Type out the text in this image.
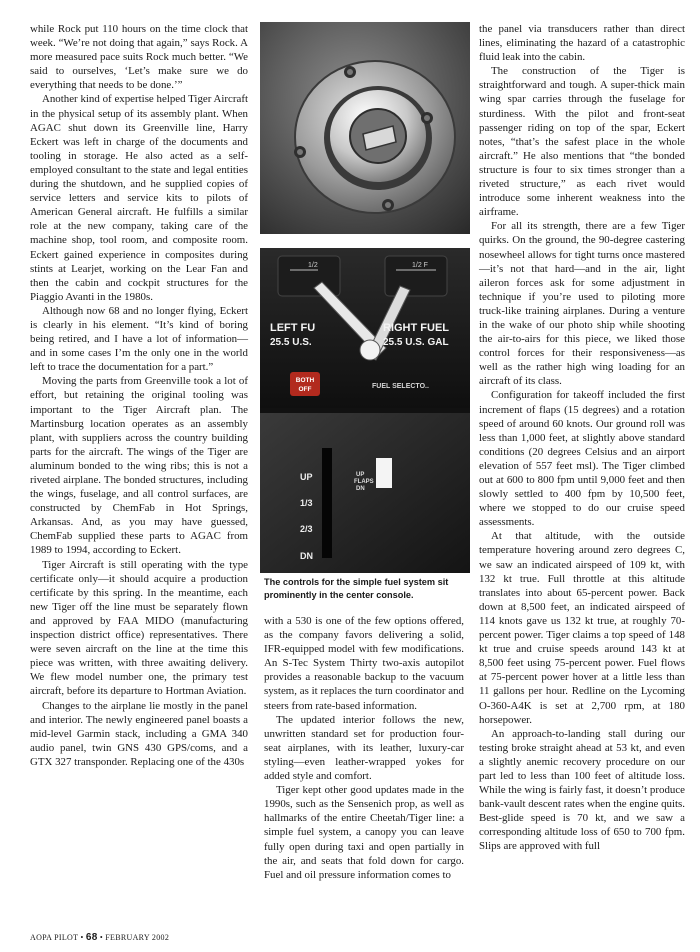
while Rock put 110 hours on the time clock that week. “We’re not doing that again,” says Rock. A more measured pace suits Rock much better. “We said to ourselves, ‘Let’s make sure we do everything that needs to be done.’”

Another kind of expertise helped Tiger Aircraft in the physical setup of its assembly plant. When AGAC shut down its Greenville line, Harry Eckert was left in charge of the documents and tooling in storage. He also acted as a self-employed consultant to the state and legal entities during the shutdown, and he supplied copies of service letters and service kits to pilots of American General aircraft. He fulfills a similar role at the new company, taking care of the machine shop, tool room, and composite room. Eckert gained experience in composites during stints at Learjet, working on the Lear Fan and then the cabin and cockpit structures for the Piaggio Avanti in the 1980s.

Although now 68 and no longer flying, Eckert is clearly in his element. “It’s kind of boring being retired, and I have a lot of information—and in some cases I’m the only one in the world left to trace the documentation for a part.”

Moving the parts from Greenville took a lot of effort, but retaining the original tooling was important to the Tiger Aircraft plan. The Martinsburg location operates as an assembly plant, with suppliers across the country building parts for the aircraft. The wings of the Tiger are aluminum bonded to the wing ribs; this is not a riveted airplane. The bonded structures, including the wings, fuselage, and all control surfaces, are constructed by ChemFab in Hot Springs, Arkansas. And, as you may have guessed, ChemFab supplied these parts to AGAC from 1989 to 1994, according to Eckert.

Tiger Aircraft is still operating with the type certificate only—it should acquire a production certificate by this spring. In the meantime, each new Tiger off the line must be separately flown and approved by FAA MIDO (manufacturing inspection district office) representatives. There were seven aircraft on the line at the time this piece was written, with three awaiting delivery. We flew model number one, the primary test aircraft, before its departure to Hortman Aviation.

Changes to the airplane lie mostly in the panel and interior. The newly engineered panel boasts a mid-level Garmin stack, including a GMA 340 audio panel, twin GNS 430 GPS/coms, and a GTX 327 transponder. Replacing one of the 430s

1/2	1/2 F
LEFT FU
25.5 U.S.
RIGHT FUEL
25.5 U.S. GAL
BOTH
OFF	FUEL SELECTO..
UP
1/3
2/3
DN
UP
FLAPS
DN
The controls for the simple fuel system sit prominently in the center console.

with a 530 is one of the few options offered, as the company favors delivering a solid, IFR-equipped model with few modifications. An S-Tec System Thirty two-axis autopilot provides a reasonable backup to the vacuum system, as it replaces the turn coordinator and steers from rate-based information.

The updated interior follows the new, unwritten standard set for production four-seat airplanes, with its leather, luxury-car styling—even leather-wrapped yokes for added style and comfort.

Tiger kept other good updates made in the 1990s, such as the Sensenich prop, as well as hallmarks of the entire Cheetah/Tiger line: a simple fuel system, a canopy you can leave fully open during taxi and open partially in the air, and seats that fold down for cargo. Fuel and oil pressure information comes to

the panel via transducers rather than direct lines, eliminating the hazard of a catastrophic fluid leak into the cabin.

The construction of the Tiger is straightforward and tough. A super-thick main wing spar carries through the fuselage for sturdiness. With the pilot and front-seat passenger riding on top of the spar, Eckert notes, “that’s the safest place in the whole aircraft.” He also mentions that “the bonded structure is four to six times stronger than a riveted structure,” as each rivet would introduce some inherent weakness into the airframe.

For all its strength, there are a few Tiger quirks. On the ground, the 90-degree castering nosewheel allows for tight turns once mastered—it’s not that hard—and in the air, light aileron forces ask for some adjustment in technique if you’re used to piloting more truck-like training airplanes. During a venture in the wake of our photo ship while shooting the air-to-airs for this piece, we liked those control forces for their responsiveness—as well as the rather high wing loading for an aircraft of its class.

Configuration for takeoff included the first increment of flaps (15 degrees) and a rotation speed of around 60 knots. Our ground roll was less than 1,000 feet, at slightly above standard conditions (20 degrees Celsius and an airport elevation of 557 feet msl). The Tiger climbed out at 600 to 800 fpm until 9,000 feet and then slowly settled to 400 fpm by 10,500 feet, where we stopped to do our cruise speed assessments.

At that altitude, with the outside temperature hovering around zero degrees C, we saw an indicated airspeed of 109 kt, with 132 kt true. Full throttle at this altitude translates into about 65-percent power. Back down at 8,500 feet, an indicated airspeed of 114 knots gave us 132 kt true, at roughly 70-percent power. Tiger claims a top speed of 148 kt true and cruise speeds around 143 kt at 8,500 feet using 75-percent power. Fuel flows at 75-percent power hover at a little less than 11 gallons per hour. Redline on the Lycoming O-360-A4K is set at 2,700 rpm, at 180 horsepower.

An approach-to-landing stall during our testing broke straight ahead at 53 kt, and even a slightly anemic recovery procedure on our part led to less than 100 feet of altitude loss. While the wing is fairly fast, it doesn’t produce bank-vault descent rates when the engine quits. Best-glide speed is 70 kt, and we saw a corresponding altitude loss of 650 to 700 fpm. Slips are approved with full

AOPA PILOT • 68 • FEBRUARY 2002
